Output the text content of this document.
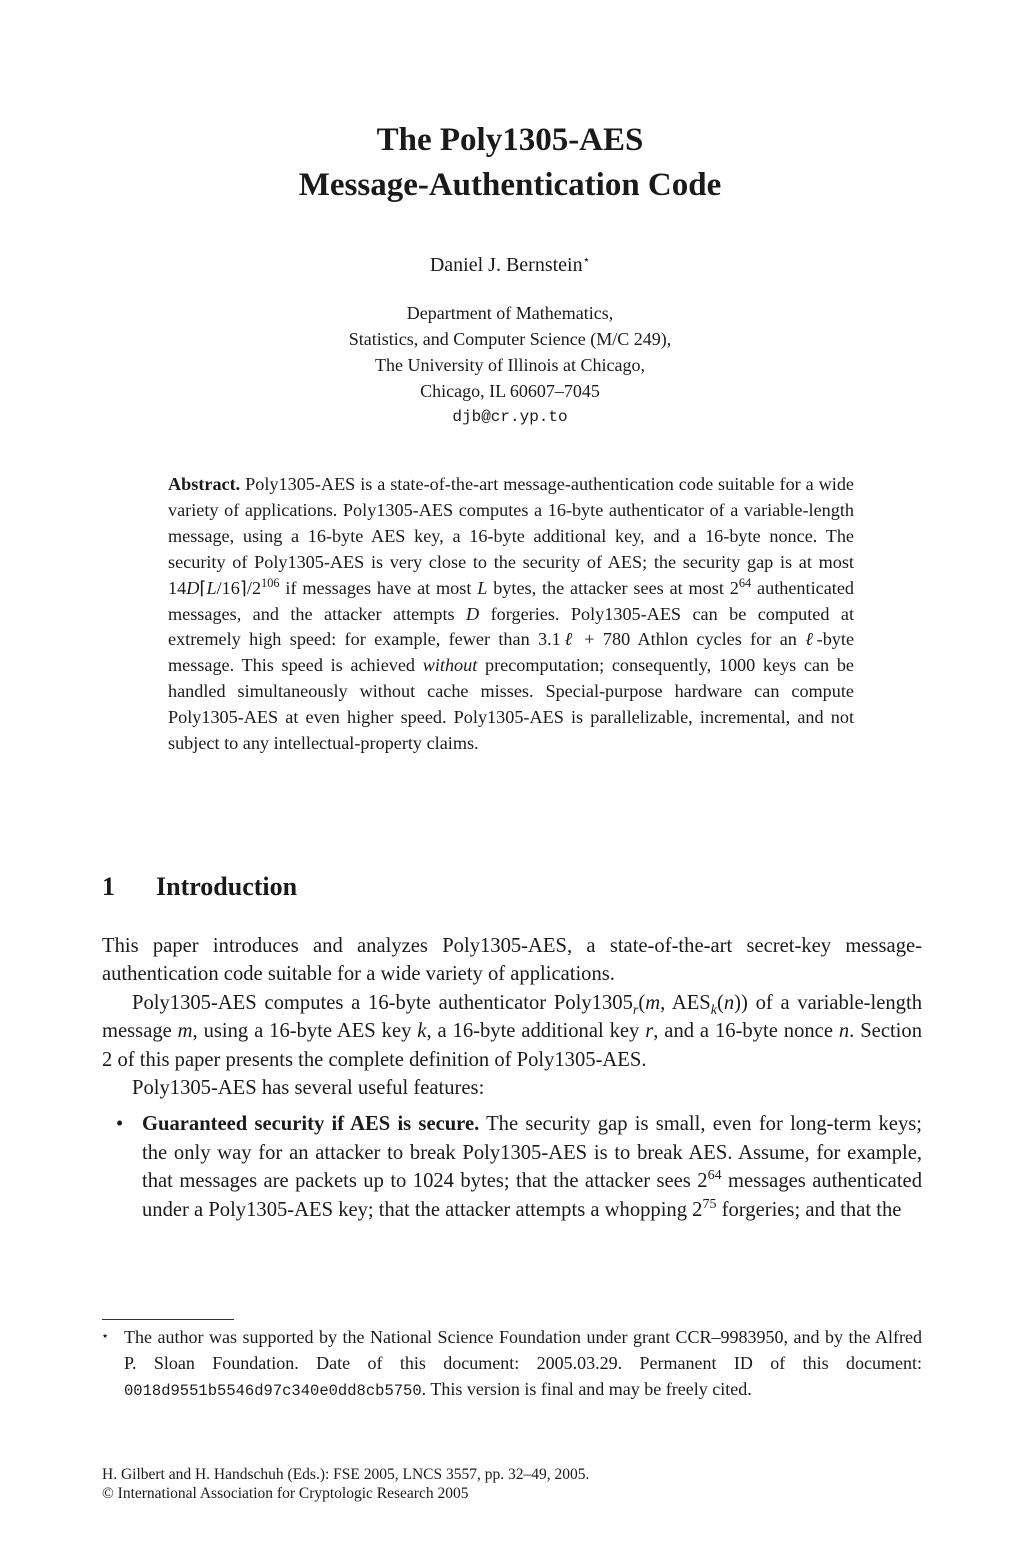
The Poly1305-AES
Message-Authentication Code
Daniel J. Bernstein⋆
Department of Mathematics,
Statistics, and Computer Science (M/C 249),
The University of Illinois at Chicago,
Chicago, IL 60607–7045
djb@cr.yp.to
Abstract. Poly1305-AES is a state-of-the-art message-authentication code suitable for a wide variety of applications. Poly1305-AES computes a 16-byte authenticator of a variable-length message, using a 16-byte AES key, a 16-byte additional key, and a 16-byte nonce. The security of Poly1305-AES is very close to the security of AES; the security gap is at most $14D⌈L/16⌉/2^{106}$ if messages have at most L bytes, the attacker sees at most $2^{64}$ authenticated messages, and the attacker attempts D forgeries. Poly1305-AES can be computed at extremely high speed: for example, fewer than 3.1ℓ + 780 Athlon cycles for an ℓ-byte message. This speed is achieved without precomputation; consequently, 1000 keys can be handled simultaneously without cache misses. Special-purpose hardware can compute Poly1305-AES at even higher speed. Poly1305-AES is parallelizable, incremental, and not subject to any intellectual-property claims.
1 Introduction

This paper introduces and analyzes Poly1305-AES, a state-of-the-art secret-key message-authentication code suitable for a wide variety of applications.

Poly1305-AES computes a 16-byte authenticator $Poly1305_r(m$, $AES_k(n)$) of a variable-length message m, using a 16-byte AES key k, a 16-byte additional key r, and a 16-byte nonce n. Section 2 of this paper presents the complete definition of Poly1305-AES.

Poly1305-AES has several useful features:

• Guaranteed security if AES is secure. The security gap is small, even for long-term keys; the only way for an attacker to break Poly1305-AES is to break AES. Assume, for example, that messages are packets up to 1024 bytes; that the attacker sees $2^{64}$ messages authenticated under a Poly1305-AES key; that the attacker attempts a whopping $2^{75}$ forgeries; and that the
⋆ The author was supported by the National Science Foundation under grant CCR–9983950, and by the Alfred P. Sloan Foundation. Date of this document: 2005.03.29. Permanent ID of this document: 0018d9551b5546d97c340e0dd8cb5750. This version is final and may be freely cited.
H. Gilbert and H. Handschuh (Eds.): FSE 2005, LNCS 3557, pp. 32–49, 2005.
© International Association for Cryptologic Research 2005
